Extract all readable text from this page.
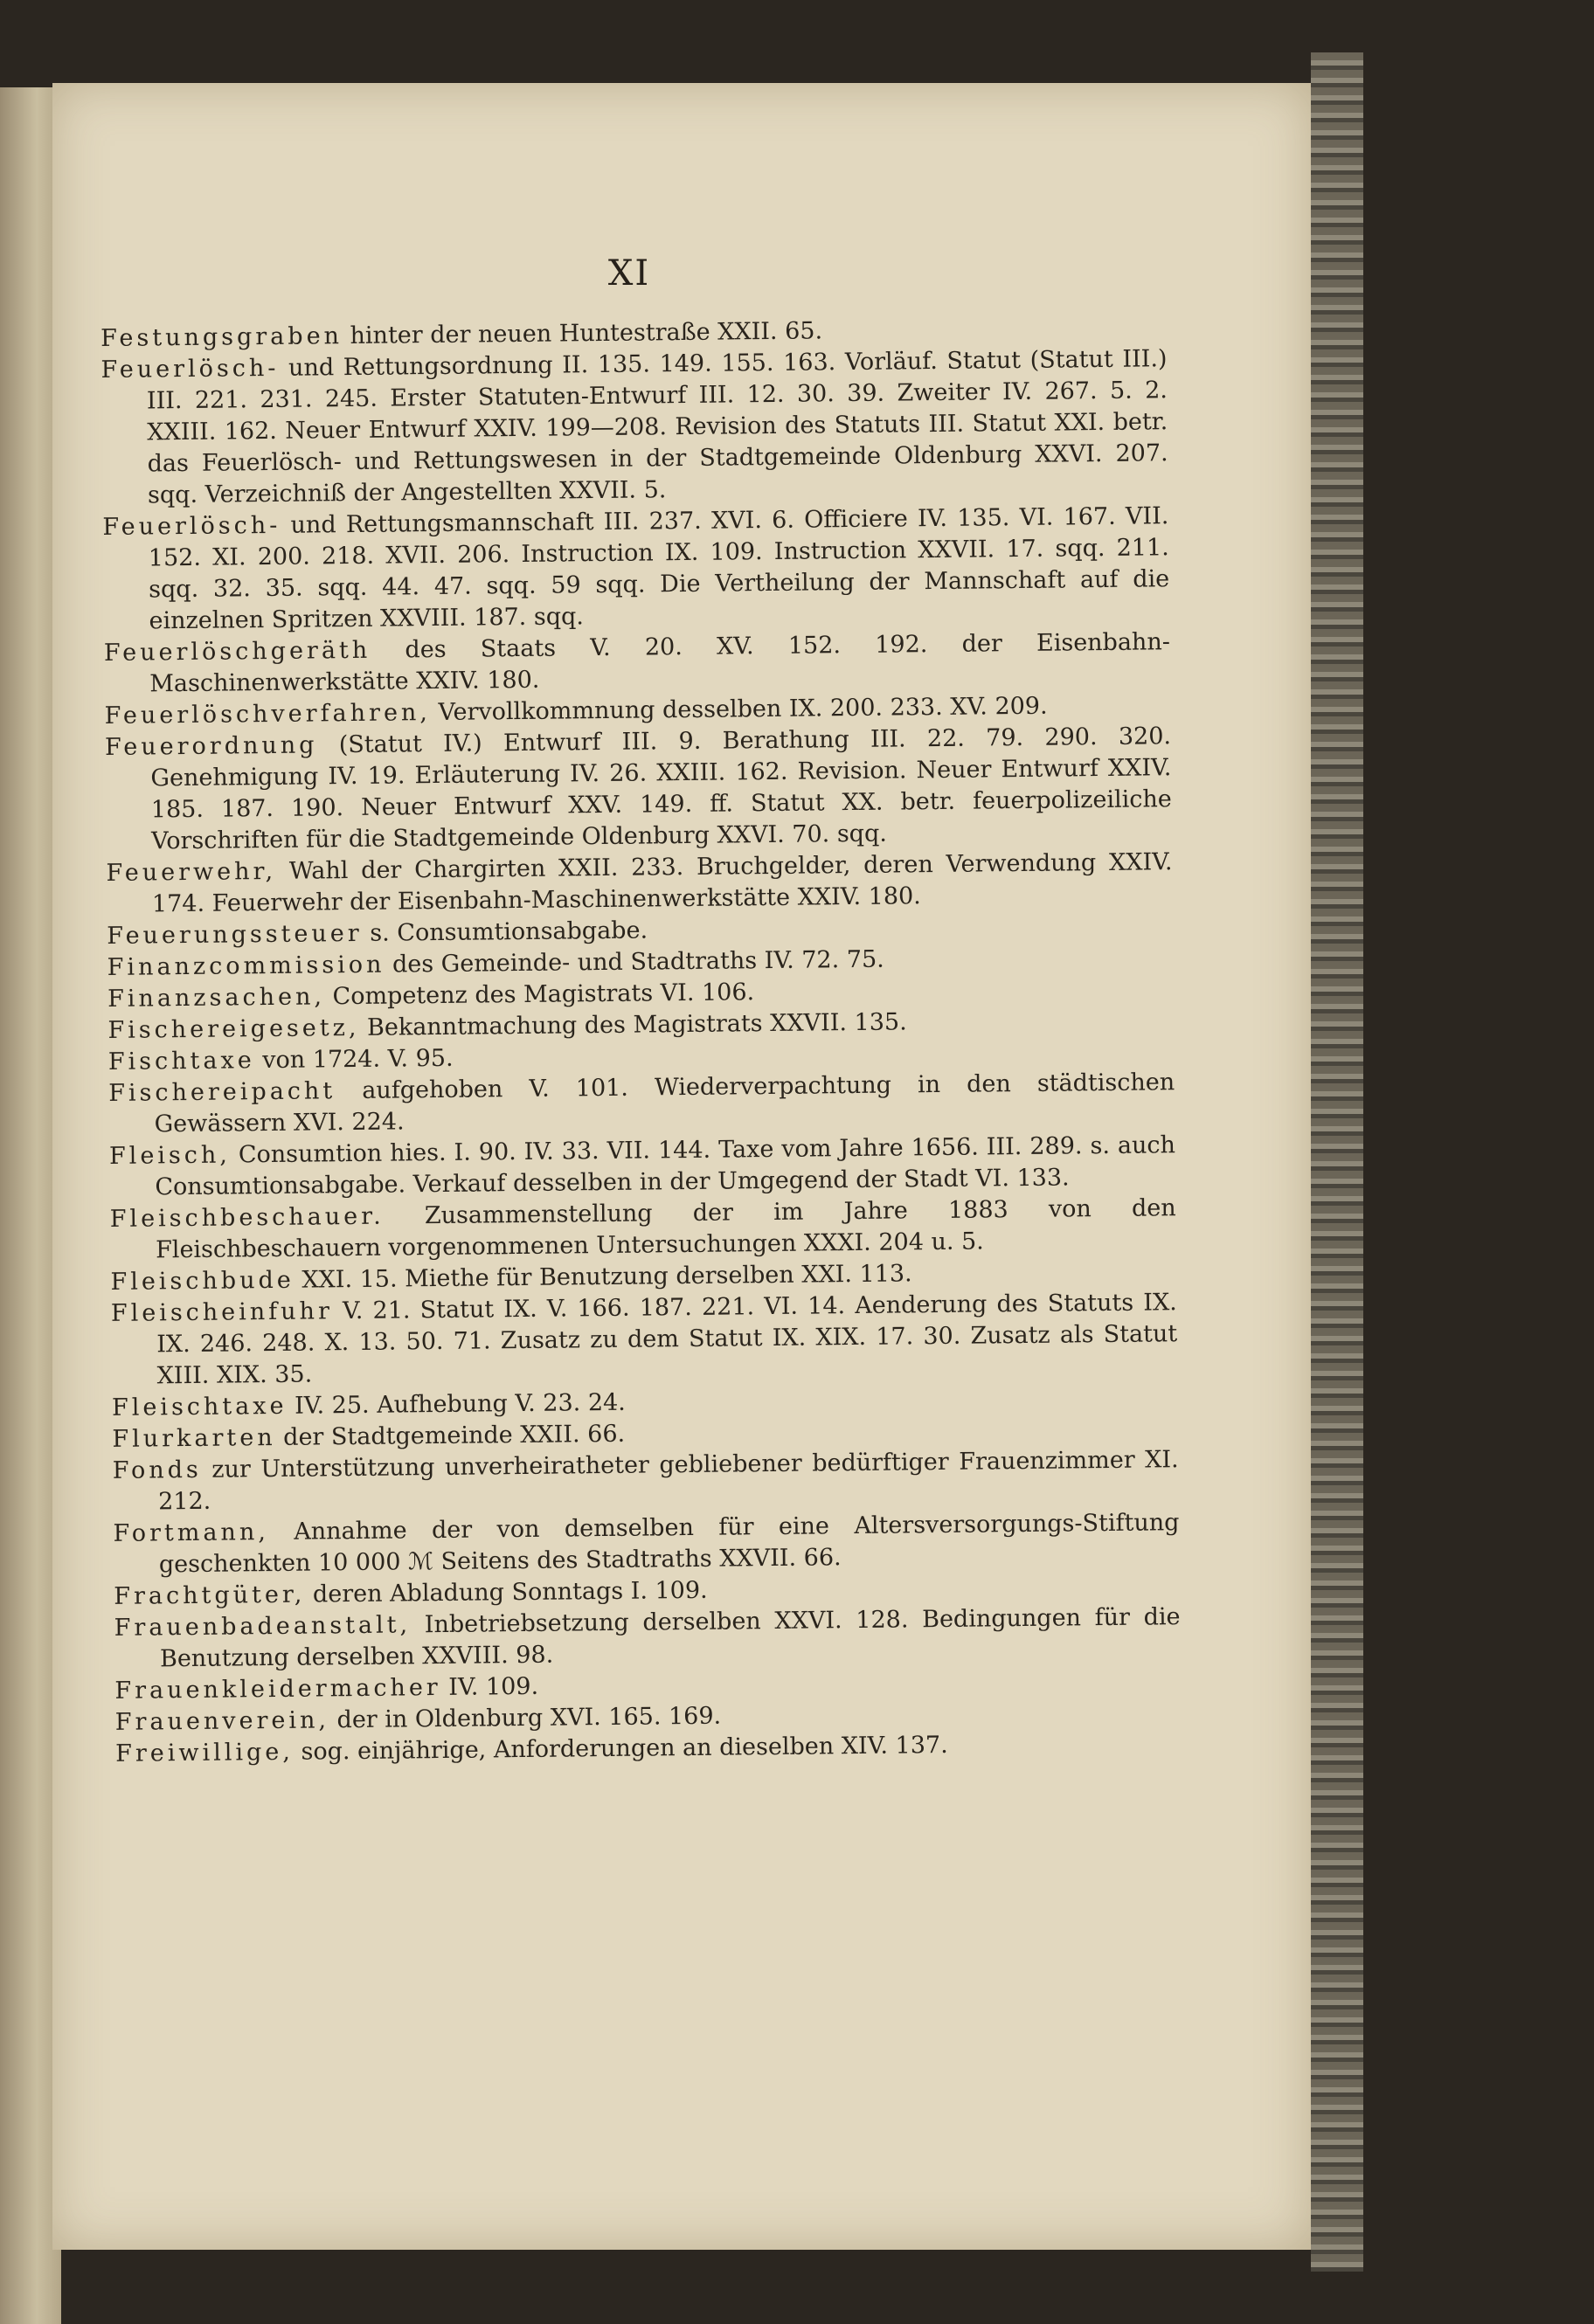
XI

Festungsgraben hinter der neuen Huntestraße XXII. 65.

Feuerlösch- und Rettungsordnung II. 135. 149. 155. 163. Vorläuf. Statut (Statut III.) III. 221. 231. 245. Erster Statuten-Entwurf III. 12. 30. 39. Zweiter IV. 267. 5. 2. XXIII. 162. Neuer Entwurf XXIV. 199—208. Revision des Statuts III. Statut XXI. betr. das Feuerlösch- und Rettungswesen in der Stadtgemeinde Oldenburg XXVI. 207. sqq. Verzeichniß der Angestellten XXVII. 5.

Feuerlösch- und Rettungsmannschaft III. 237. XVI. 6. Officiere IV. 135. VI. 167. VII. 152. XI. 200. 218. XVII. 206. Instruction IX. 109. Instruction XXVII. 17. sqq. 211. sqq. 32. 35. sqq. 44. 47. sqq. 59 sqq. Die Vertheilung der Mannschaft auf die einzelnen Spritzen XXVIII. 187. sqq.

Feuerlöschgeräth des Staats V. 20. XV. 152. 192. der Eisenbahn-Maschinenwerkstätte XXIV. 180.

Feuerlöschverfahren, Vervollkommnung desselben IX. 200. 233. XV. 209.

Feuerordnung (Statut IV.) Entwurf III. 9. Berathung III. 22. 79. 290. 320. Genehmigung IV. 19. Erläuterung IV. 26. XXIII. 162. Revision. Neuer Entwurf XXIV. 185. 187. 190. Neuer Entwurf XXV. 149. ff. Statut XX. betr. feuerpolizeiliche Vorschriften für die Stadtgemeinde Oldenburg XXVI. 70. sqq.

Feuerwehr, Wahl der Chargirten XXII. 233. Bruchgelder, deren Verwendung XXIV. 174. Feuerwehr der Eisenbahn-Maschinenwerkstätte XXIV. 180.

Feuerungssteuer s. Consumtionsabgabe.

Finanzcommission des Gemeinde- und Stadtraths IV. 72. 75.

Finanzsachen, Competenz des Magistrats VI. 106.

Fischereigesetz, Bekanntmachung des Magistrats XXVII. 135.

Fischtaxe von 1724. V. 95.

Fischereipacht aufgehoben V. 101. Wiederverpachtung in den städtischen Gewässern XVI. 224.

Fleisch, Consumtion hies. I. 90. IV. 33. VII. 144. Taxe vom Jahre 1656. III. 289. s. auch Consumtionsabgabe. Verkauf desselben in der Umgegend der Stadt VI. 133.

Fleischbeschauer. Zusammenstellung der im Jahre 1883 von den Fleischbeschauern vorgenommenen Untersuchungen XXXI. 204 u. 5.

Fleischbude XXI. 15. Miethe für Benutzung derselben XXI. 113.

Fleischeinfuhr V. 21. Statut IX. V. 166. 187. 221. VI. 14. Aenderung des Statuts IX. IX. 246. 248. X. 13. 50. 71. Zusatz zu dem Statut IX. XIX. 17. 30. Zusatz als Statut XIII. XIX. 35.

Fleischtaxe IV. 25. Aufhebung V. 23. 24.

Flurkarten der Stadtgemeinde XXII. 66.

Fonds zur Unterstützung unverheiratheter gebliebener bedürftiger Frauenzimmer XI. 212.

Fortmann, Annahme der von demselben für eine Altersversorgungs-Stiftung geschenkten 10 000 ℳ Seitens des Stadtraths XXVII. 66.

Frachtgüter, deren Abladung Sonntags I. 109.

Frauenbadeanstalt, Inbetriebsetzung derselben XXVI. 128. Bedingungen für die Benutzung derselben XXVIII. 98.

Frauenkleidermacher IV. 109.

Frauenverein, der in Oldenburg XVI. 165. 169.

Freiwillige, sog. einjährige, Anforderungen an dieselben XIV. 137.
